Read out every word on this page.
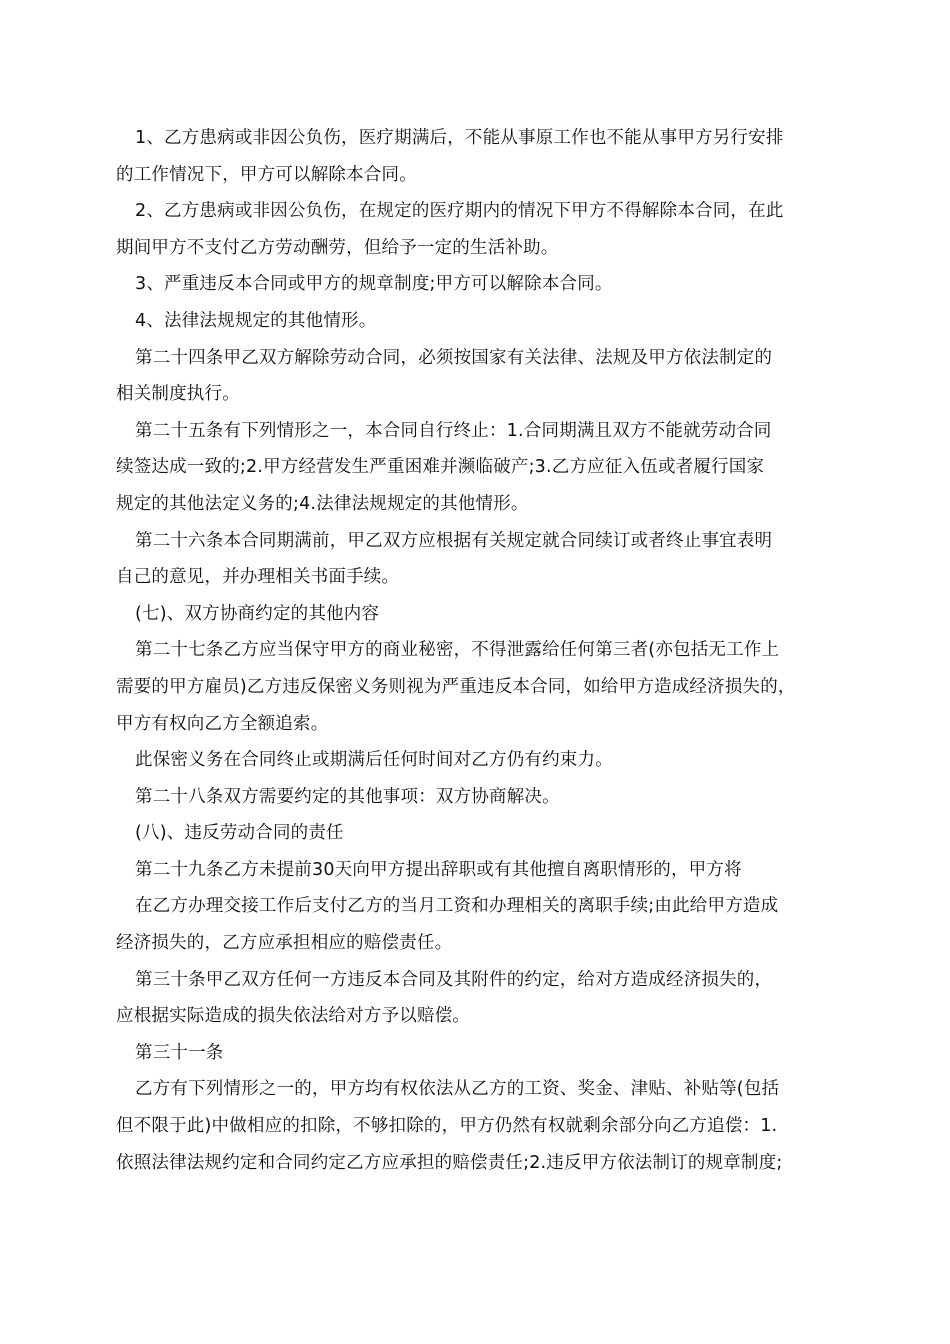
1、乙方患病或非因公负伤，医疗期满后，不能从事原工作也不能从事甲方另行安排
的工作情况下，甲方可以解除本合同。
2、乙方患病或非因公负伤，在规定的医疗期内的情况下甲方不得解除本合同，在此
期间甲方不支付乙方劳动酬劳，但给予一定的生活补助。
3、严重违反本合同或甲方的规章制度;甲方可以解除本合同。
4、法律法规规定的其他情形。
第二十四条甲乙双方解除劳动合同，必须按国家有关法律、法规及甲方依法制定的
相关制度执行。
第二十五条有下列情形之一，本合同自行终止：1.合同期满且双方不能就劳动合同
续签达成一致的;2.甲方经营发生严重困难并濒临破产;3.乙方应征入伍或者履行国家
规定的其他法定义务的;4.法律法规规定的其他情形。
第二十六条本合同期满前，甲乙双方应根据有关规定就合同续订或者终止事宜表明
自己的意见，并办理相关书面手续。
(七)、双方协商约定的其他内容
第二十七条乙方应当保守甲方的商业秘密，不得泄露给任何第三者(亦包括无工作上
需要的甲方雇员)乙方违反保密义务则视为严重违反本合同，如给甲方造成经济损失的，
甲方有权向乙方全额追索。
此保密义务在合同终止或期满后任何时间对乙方仍有约束力。
第二十八条双方需要约定的其他事项：双方协商解决。
(八)、违反劳动合同的责任
第二十九条乙方未提前30天向甲方提出辞职或有其他擅自离职情形的，甲方将
在乙方办理交接工作后支付乙方的当月工资和办理相关的离职手续;由此给甲方造成
经济损失的，乙方应承担相应的赔偿责任。
第三十条甲乙双方任何一方违反本合同及其附件的约定，给对方造成经济损失的，
应根据实际造成的损失依法给对方予以赔偿。
第三十一条
乙方有下列情形之一的，甲方均有权依法从乙方的工资、奖金、津贴、补贴等(包括
但不限于此)中做相应的扣除，不够扣除的，甲方仍然有权就剩余部分向乙方追偿：1.
依照法律法规约定和合同约定乙方应承担的赔偿责任;2.违反甲方依法制订的规章制度;
